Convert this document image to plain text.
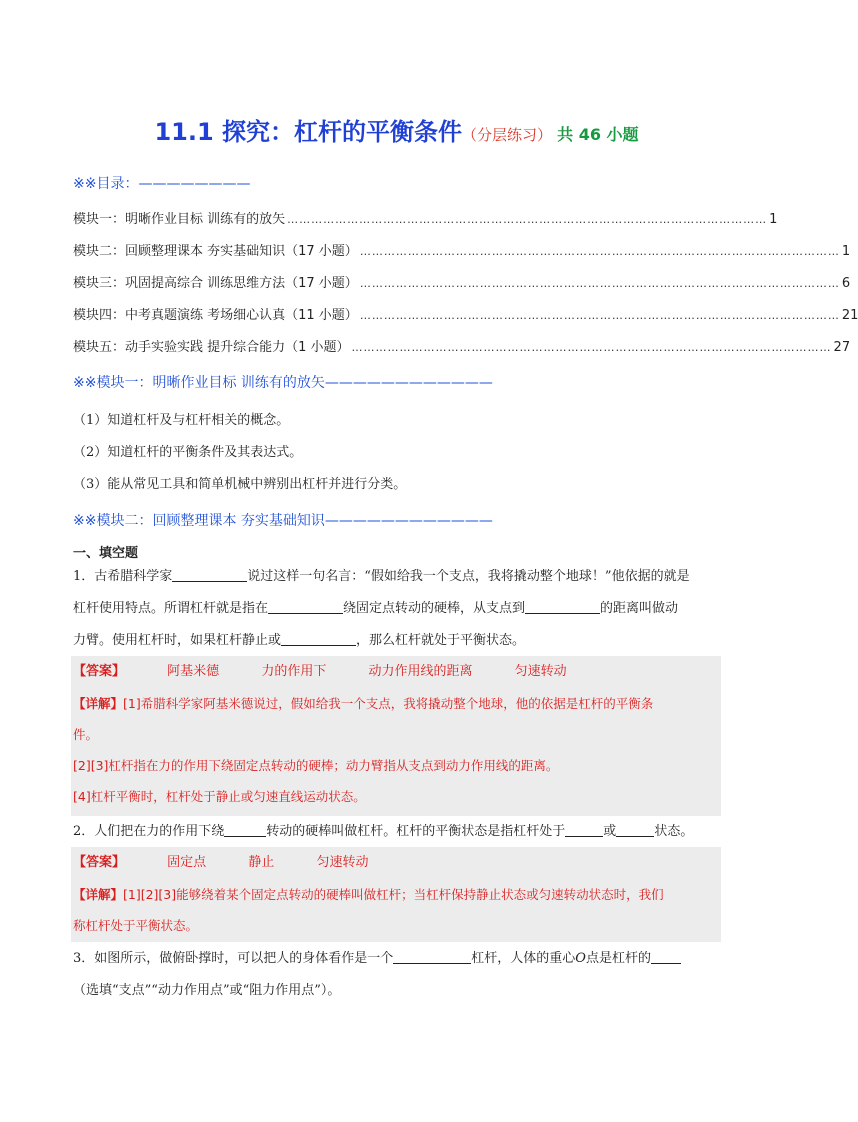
11.1 探究：杠杆的平衡条件（分层练习） 共 46 小题
※※目录：————————
模块一：明晰作业目标 训练有的放矢 ………………………………………………………………………………………………………… 1
模块二：回顾整理课本 夯实基础知识（17 小题） ………………………………………………………………………………………………………… 1
模块三：巩固提高综合 训练思维方法（17 小题） ………………………………………………………………………………………………………… 6
模块四：中考真题演练 考场细心认真（11 小题） ………………………………………………………………………………………………………… 21
模块五：动手实验实践 提升综合能力（1 小题） ………………………………………………………………………………………………………… 27
※※模块一：明晰作业目标 训练有的放矢————————————
（1）知道杠杆及与杠杆相关的概念。
（2）知道杠杆的平衡条件及其表达式。
（3）能从常见工具和简单机械中辨别出杠杆并进行分类。
※※模块二：回顾整理课本 夯实基础知识————————————
一、填空题
1．古希腊科学家	说过这样一句名言：“假如给我一个支点，我将撬动整个地球！”他依据的就是
杠杆使用特点。所谓杠杆就是指在	绕固定点转动的硬棒，从支点到	的距离叫做动
力臂。使用杠杆时，如果杠杆静止或	，那么杠杆就处于平衡状态。
【答案】	阿基米德	力的作用下	动力作用线的距离	匀速转动
【详解】[1]希腊科学家阿基米德说过，假如给我一个支点，我将撬动整个地球，他的依据是杠杆的平衡条
件。
[2][3]杠杆指在力的作用下绕固定点转动的硬棒；动力臂指从支点到动力作用线的距离。
[4]杠杆平衡时，杠杆处于静止或匀速直线运动状态。
2．人们把在力的作用下绕	转动的硬棒叫做杠杆。杠杆的平衡状态是指杠杆处于	或	状态。
【答案】	固定点	静止	匀速转动
【详解】[1][2][3]能够绕着某个固定点转动的硬棒叫做杠杆；当杠杆保持静止状态或匀速转动状态时，我们
称杠杆处于平衡状态。
3．如图所示，做俯卧撑时，可以把人的身体看作是一个	杠杆，人体的重心O点是杠杆的
（选填“支点”“动力作用点”或“阻力作用点”）。
